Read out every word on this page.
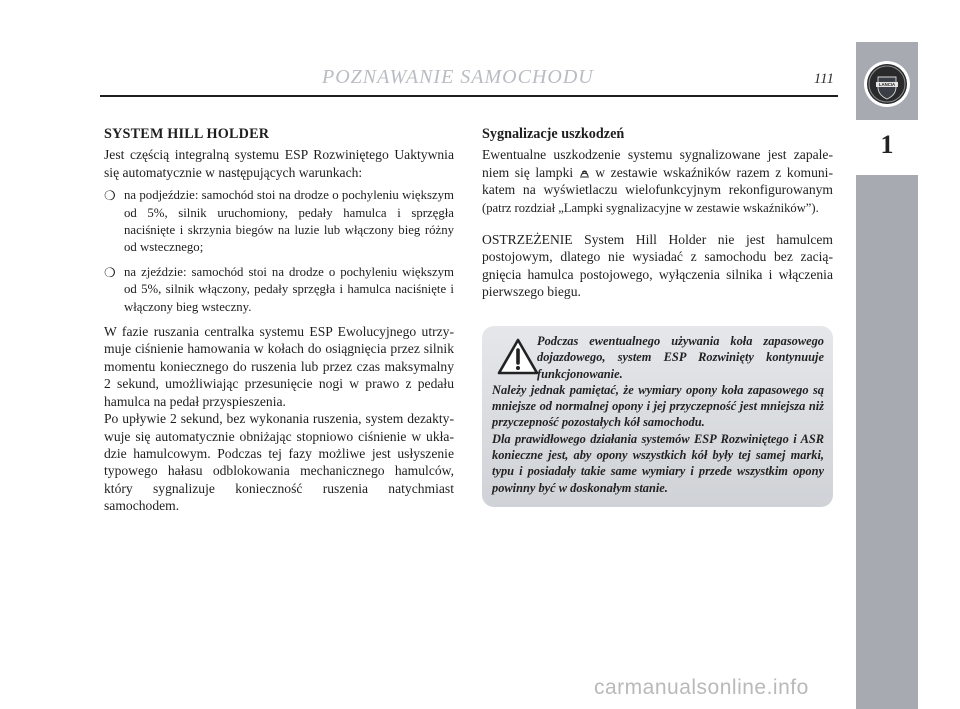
POZNAWANIE SAMOCHODU	111	LANCIA
1
SYSTEM HILL HOLDER

Jest częścią integralną systemu ESP Rozwiniętego Uaktywnia się automatycznie w następujących warunkach:

❍ na podjeździe: samochód stoi na drodze o pochyleniu większym od 5%, silnik uruchomiony, pedały hamulca i sprzęgła naciśnięte i skrzynia biegów na luzie lub włączony bieg różny od wstecznego;
❍ na zjeździe: samochód stoi na drodze o pochyleniu większym od 5%, silnik włączony, pedały sprzęgła i hamulca naciśnięte i włączony bieg wsteczny.

W fazie ruszania centralka systemu ESP Ewolucyjnego utrzymuje ciśnienie hamowania w kołach do osiągnięcia przez silnik momentu koniecznego do ruszenia lub przez czas maksymalny 2 sekund, umożliwiając przesunięcie nogi w prawo z pedału hamulca na pedał przyspieszenia.

Po upływie 2 sekund, bez wykonania ruszenia, system dezaktywuje się automatycznie obniżając stopniowo ciśnienie w układzie hamulcowym. Podczas tej fazy możliwe jest usłyszenie typowego hałasu odblokowania mechanicznego hamulców, który sygnalizuje konieczność ruszenia natychmiast samochodem.

Sygnalizacje uszkodzeń

Ewentualne uszkodzenie systemu sygnalizowane jest zapaleniem się lampki w zestawie wskaźników razem z komunikatem na wyświetlaczu wielofunkcyjnym rekonfigurowanym (patrz rozdział „Lampki sygnalizacyjne w zestawie wskaźników”).

OSTRZEŻENIE System Hill Holder nie jest hamulcem postojowym, dlatego nie wysiadać z samochodu bez zaciągnięcia hamulca postojowego, wyłączenia silnika i włączenia pierwszego biegu.

Podczas ewentualnego używania koła zapasowego dojazdowego, system ESP Rozwinięty kontynuuje funkcjonowanie.

Należy jednak pamiętać, że wymiary opony koła zapasowego są mniejsze od normalnej opony i jej przyczepność jest mniejsza niż przyczepność pozostałych kół samochodu.

Dla prawidłowego działania systemów ESP Rozwiniętego i ASR konieczne jest, aby opony wszystkich kół były tej samej marki, typu i posiadały takie same wymiary i przede wszystkim opony powinny być w doskonałym stanie.

carmanualsonline.info
